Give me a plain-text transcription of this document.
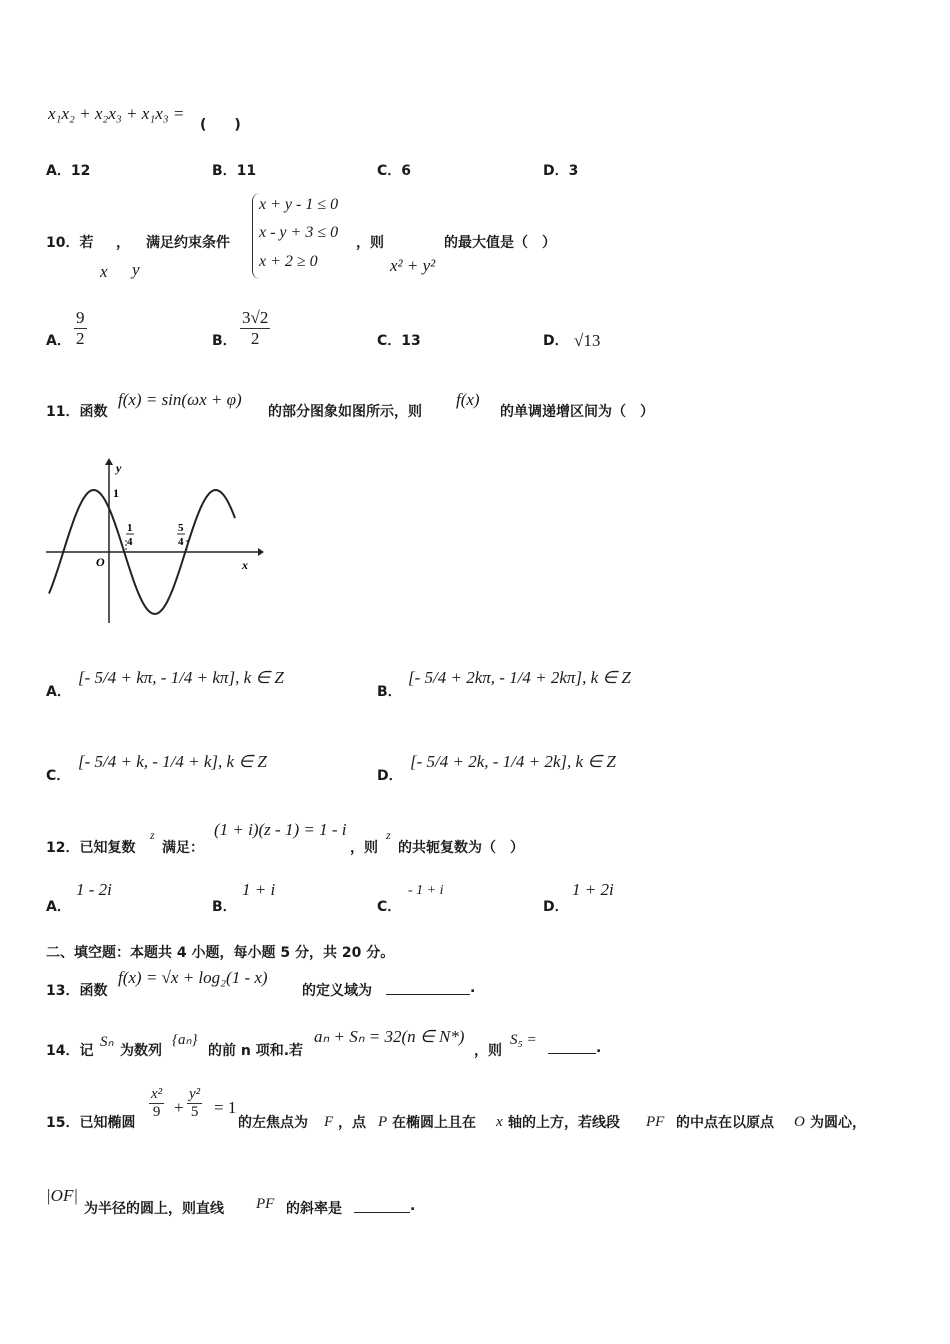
x₁x₂ + x₂x₃ + x₁x₃ =
(　　)
A．12	B．11	C．6	D．3
10．若 ， 满足约束条件
x y
x + y - 1 ≤ 0
x - y + 3 ≤ 0
x + 2 ≥ 0
，则
x² + y²
的最大值是（　）
A． $\frac{9}{2}$	B． $\frac{3√2}{2}$	C．13	D． √13
11．函数
f(x) = sin(ωx + φ)
的部分图象如图所示，则
f(x)
的单调递增区间为（　）
y
x
O
1
1
4
5
4
A．
[- 5/4 + kπ, - 1/4 + kπ], k ∈ Z
B．
[- 5/4 + 2kπ, - 1/4 + 2kπ], k ∈ Z
C．
[- 5/4 + k, - 1/4 + k], k ∈ Z
D．
[- 5/4 + 2k, - 1/4 + 2k], k ∈ Z
12．已知复数
z
满足：
(1 + i)(z - 1) = 1 - i
，则
z
的共轭复数为（　）
A．
1 - 2i
B．
1 + i
C．
- 1 + i
D．
1 + 2i
二、填空题：本题共 4 小题，每小题 5 分，共 20 分。
13．函数
f(x) = √x + log₂(1 - x)
的定义域为	.
14．记
Sₙ
为数列
{aₙ}
的前 n 项和.若
aₙ + Sₙ = 32(n ∈ N*)
，则
S₅ =	.
15．已知椭圆
$\frac{\text{x²}}{9} + \frac{\text{y²}}{5} = 1$
的左焦点为 F ，点 P 在椭圆上且在 x 轴的上方，若线段 PF 的中点在以原点 O 为圆心，
|OF|
为半径的圆上，则直线 PF 的斜率是	.
